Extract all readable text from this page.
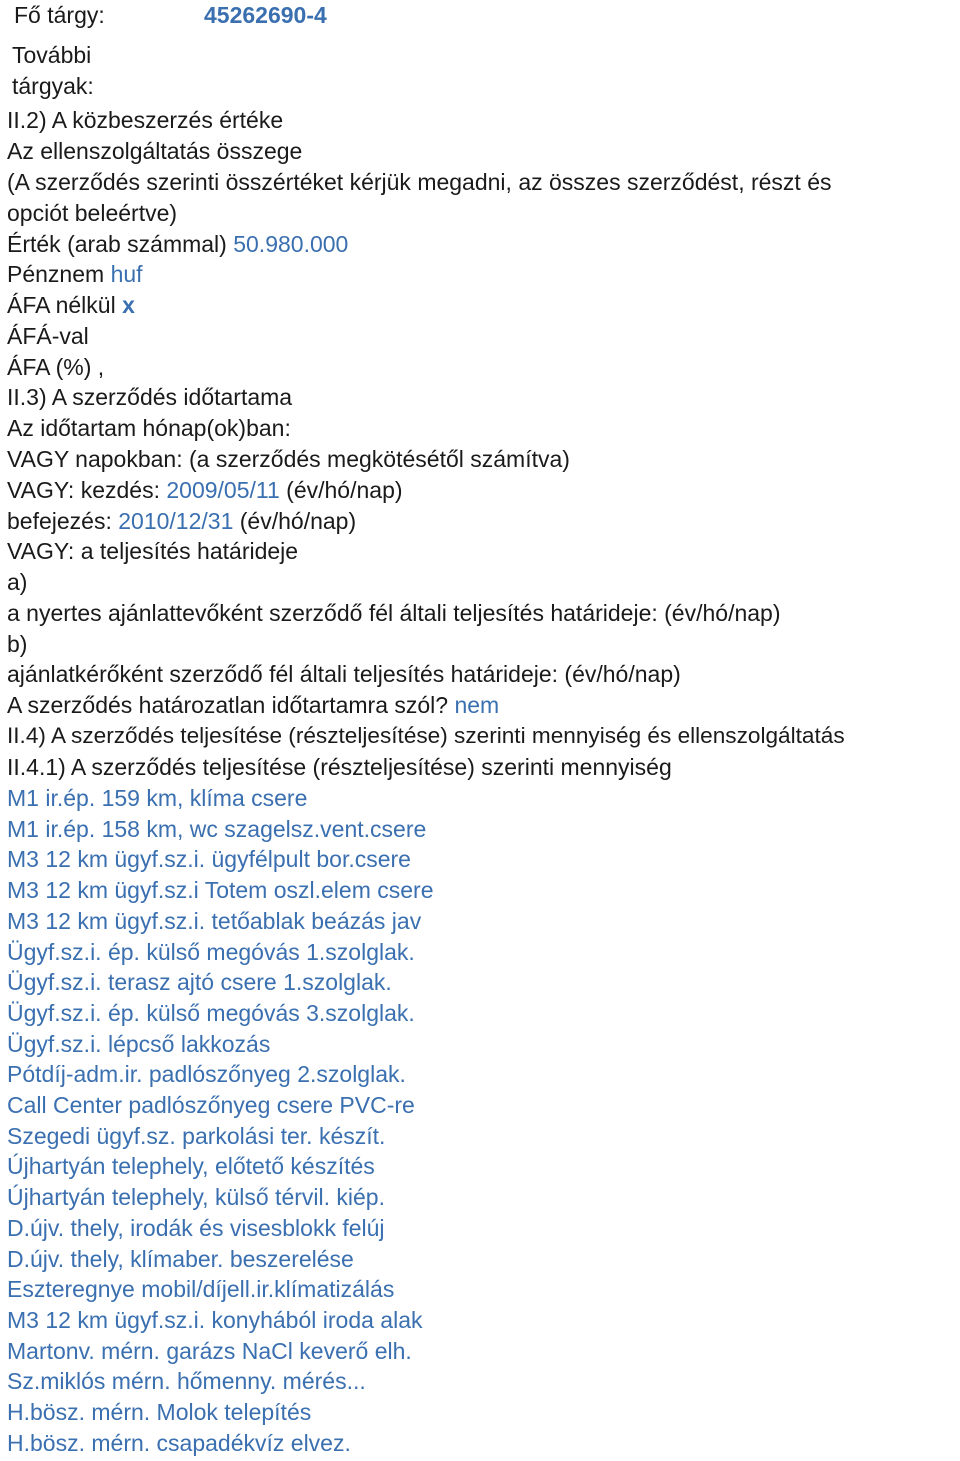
Fő tárgy:	45262690-4
További
tárgyak:
II.2) A közbeszerzés értéke
Az ellenszolgáltatás összege
(A szerződés szerinti összértéket kérjük megadni, az összes szerződést, részt és
opciót beleértve)
Érték (arab számmal) 50.980.000
Pénznem huf
ÁFA nélkül x
ÁFÁ-val
ÁFA (%) ,
II.3) A szerződés időtartama
Az időtartam hónap(ok)ban:
VAGY napokban: (a szerződés megkötésétől számítva)
VAGY: kezdés: 2009/05/11 (év/hó/nap)
befejezés: 2010/12/31 (év/hó/nap)
VAGY: a teljesítés határideje
a)
a nyertes ajánlattevőként szerződő fél általi teljesítés határideje: (év/hó/nap)
b)
ajánlatkérőként szerződő fél általi teljesítés határideje: (év/hó/nap)
A szerződés határozatlan időtartamra szól? nem
II.4) A szerződés teljesítése (részteljesítése) szerinti mennyiség és ellenszolgáltatás
II.4.1) A szerződés teljesítése (részteljesítése) szerinti mennyiség
M1 ir.ép. 159 km, klíma csere
M1 ir.ép. 158 km, wc szagelsz.vent.csere
M3 12 km ügyf.sz.i. ügyfélpult bor.csere
M3 12 km ügyf.sz.i Totem oszl.elem csere
M3 12 km ügyf.sz.i. tetőablak beázás jav
Ügyf.sz.i. ép. külső megóvás 1.szolglak.
Ügyf.sz.i. terasz ajtó csere 1.szolglak.
Ügyf.sz.i. ép. külső megóvás 3.szolglak.
Ügyf.sz.i. lépcső lakkozás
Pótdíj-adm.ir. padlószőnyeg 2.szolglak.
Call Center padlószőnyeg csere PVC-re
Szegedi ügyf.sz. parkolási ter. készít.
Újhartyán telephely, előtető készítés
Újhartyán telephely, külső térvil. kiép.
D.újv. thely, irodák és visesblokk felúj
D.újv. thely, klímaber. beszerelése
Eszteregnye mobil/díjell.ir.klímatizálás
M3 12 km ügyf.sz.i. konyhából iroda alak
Martonv. mérn. garázs NaCl keverő elh.
Sz.miklós mérn. hőmenny. mérés...
H.bösz. mérn. Molok telepítés
H.bösz. mérn. csapadékvíz elvez.
